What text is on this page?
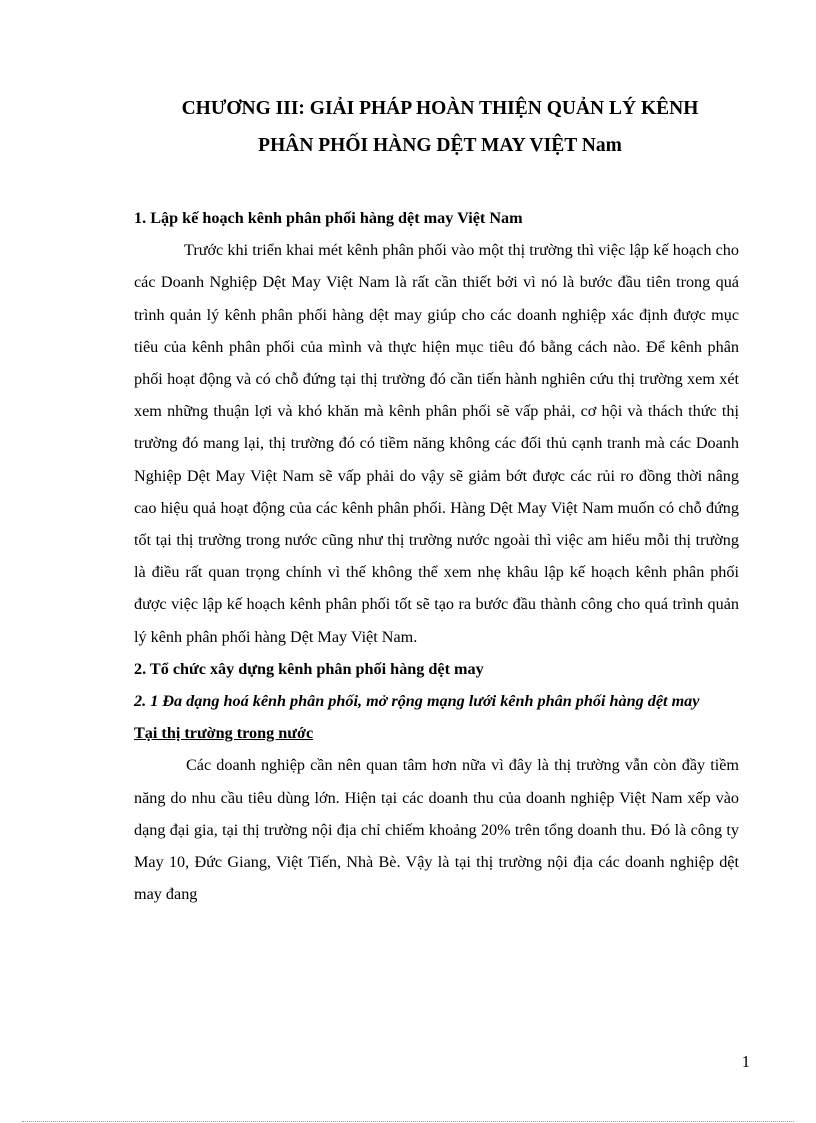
CHƯƠNG III: GIẢI PHÁP HOÀN THIỆN QUẢN LÝ KÊNH
PHÂN PHỐI HÀNG DỆT MAY VIỆT Nam

1. Lập kế hoạch kênh phân phối hàng dệt may Việt Nam

Trước khi triển khai mét kênh phân phối vào một thị trường thì việc lập kế hoạch cho các Doanh Nghiệp Dệt May Việt Nam là rất cần thiết bởi vì nó là bước đầu tiên trong quá trình quản lý kênh phân phối hàng dệt may giúp cho các doanh nghiệp xác định được mục tiêu của kênh phân phối của mình và thực hiện mục tiêu đó bằng cách nào. Để kênh phân phối hoạt động và có chỗ đứng tại thị trường đó cần tiến hành nghiên cứu thị trường xem xét xem những thuận lợi và khó khăn mà kênh phân phối sẽ vấp phải, cơ hội và thách thức thị trường đó mang lại, thị trường đó có tiềm năng không các đối thủ cạnh tranh mà các Doanh Nghiệp Dệt May Việt Nam sẽ vấp phải do vậy sẽ giảm bớt được các rủi ro đồng thời nâng cao hiệu quả hoạt động của các kênh phân phối. Hàng Dệt May Việt Nam muốn có chỗ đứng tốt tại thị trường trong nước cũng như thị trường nước ngoài thì việc am hiểu mỗi thị trường là điều rất quan trọng chính vì thế không thể xem nhẹ khâu lập kế hoạch kênh phân phối được việc lập kế hoạch kênh phân phối tốt sẽ tạo ra bước đầu thành công cho quá trình quản lý kênh phân phối hàng Dệt May Việt Nam.

2. Tổ chức xây dựng kênh phân phối hàng dệt may

2. 1 Đa dạng hoá kênh phân phối, mở rộng mạng lưới kênh phân phối hàng dệt may

Tại thị trường trong nước

Các doanh nghiệp cần nên quan tâm hơn nữa vì đây là thị trường vẫn còn đầy tiềm năng do nhu cầu tiêu dùng lớn. Hiện tại các doanh thu của doanh nghiệp Việt Nam xếp vào dạng đại gia, tại thị trường nội địa chỉ chiếm khoảng 20% trên tổng doanh thu. Đó là công ty May 10, Đức Giang, Việt Tiến, Nhà Bè. Vậy là tại thị trường nội địa các doanh nghiệp dệt may đang

1
